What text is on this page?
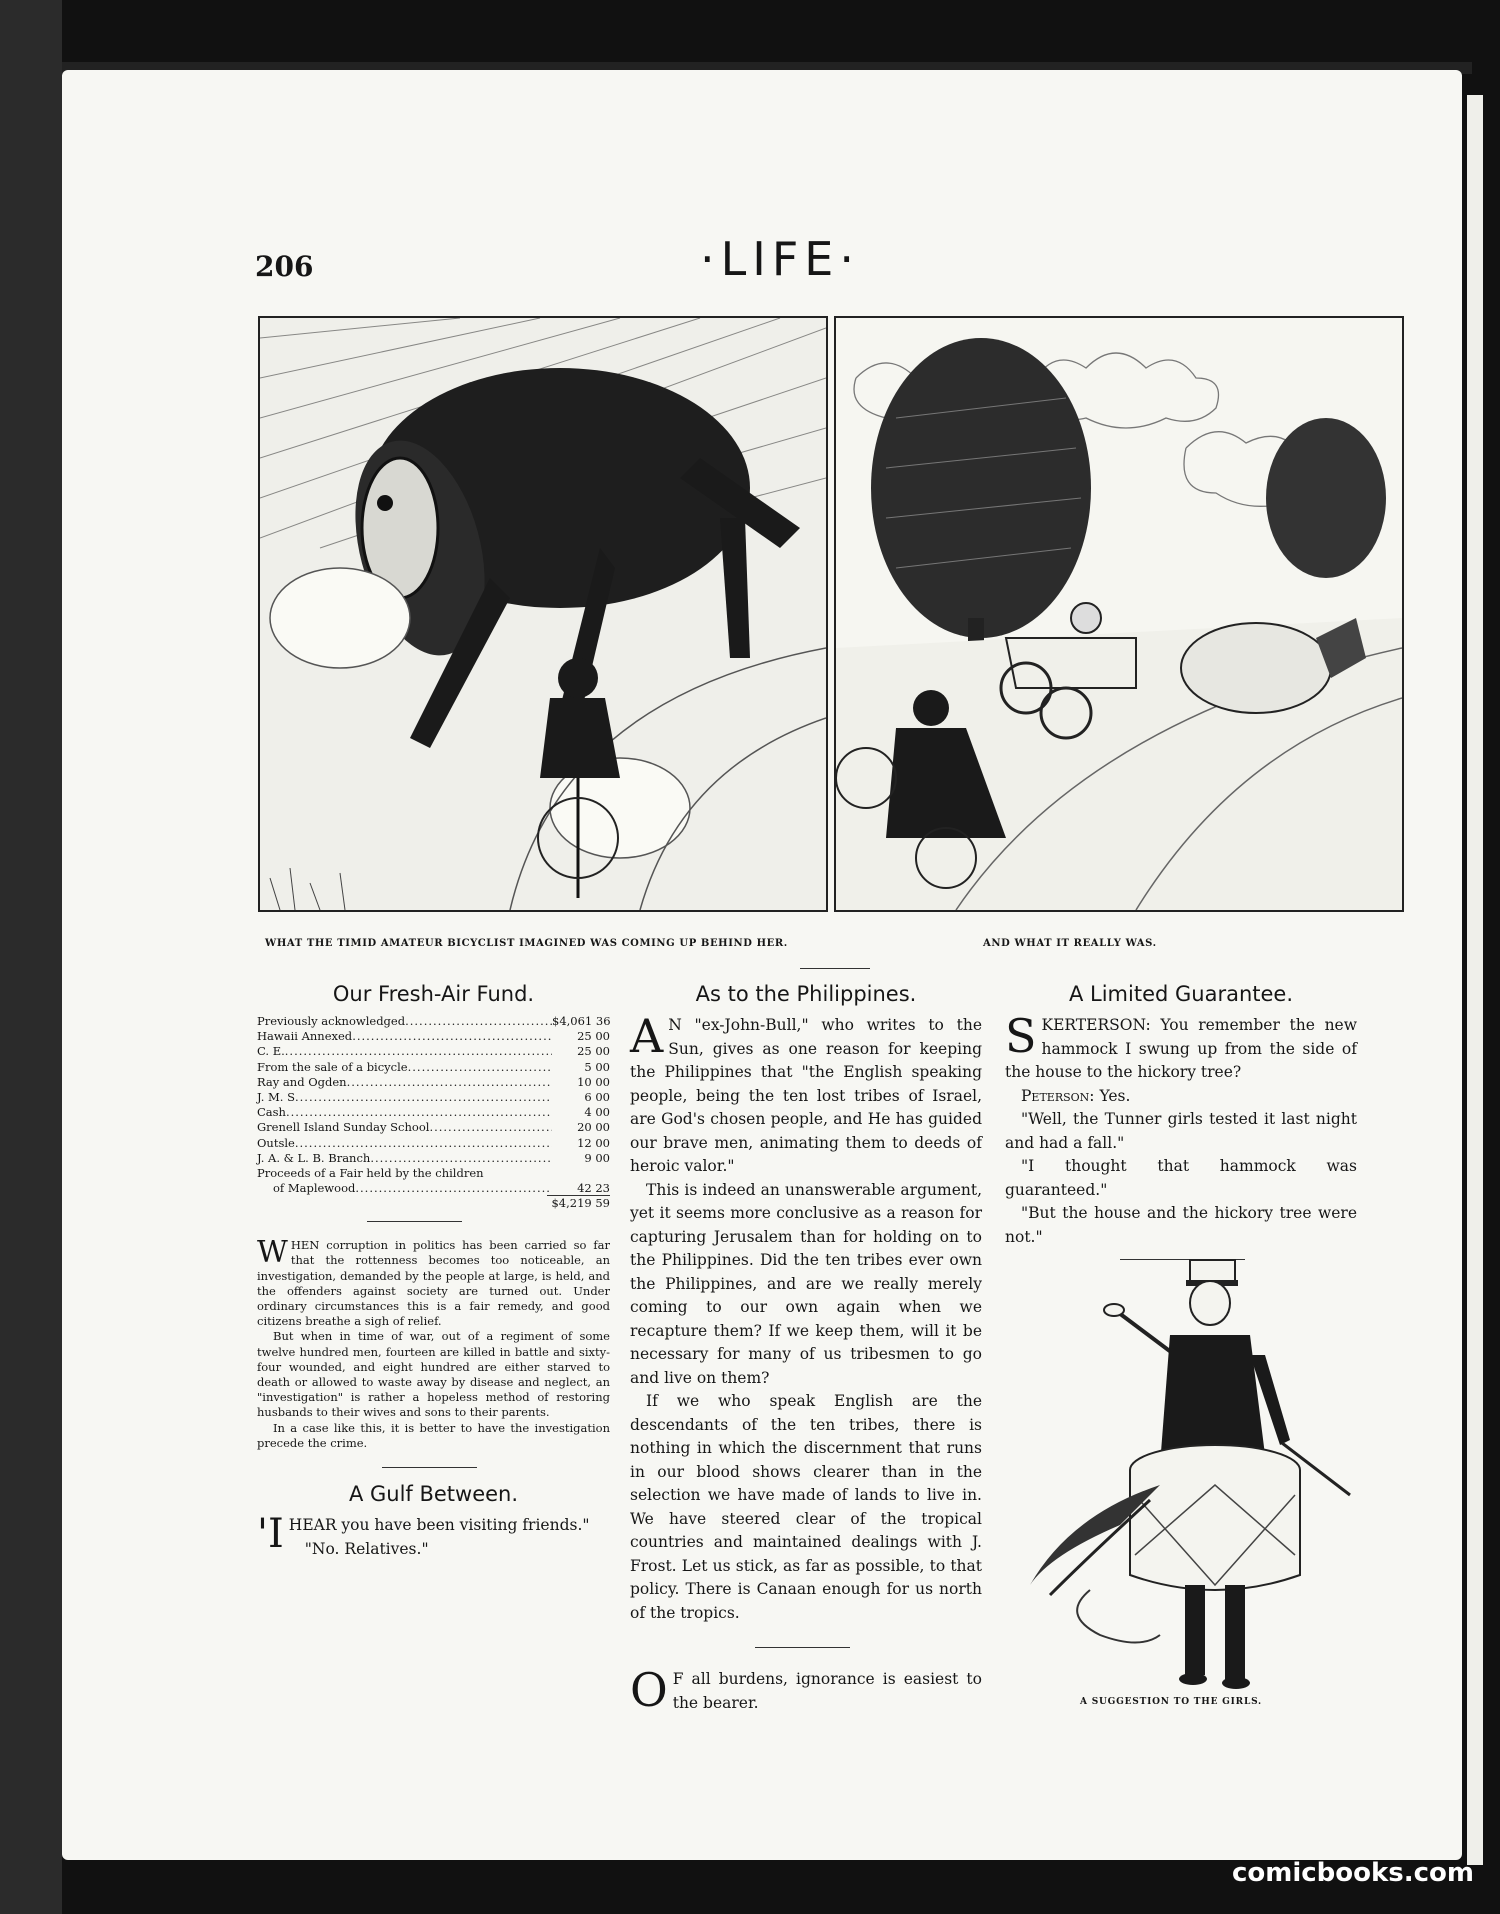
206	·LIFE·
WHAT THE TIMID AMATEUR BICYCLIST IMAGINED WAS COMING UP BEHIND HER.	AND WHAT IT REALLY WAS.
Our Fresh-Air Fund.
Previously acknowledged .....	$4,061 36
Hawaii Annexed .....	25 00
C. E. .....	25 00
From the sale of a bicycle .....	5 00
Ray and Ogden .....	10 00
J. M. S .....	6 00
Cash .....	4 00
Grenell Island Sunday School .....	20 00
Outsle .....	12 00
J. A. & L. B. Branch .....	9 00
Proceeds of a Fair held by the children
of Maplewood .....	42 23
$4,219 59

WHEN corruption in politics has been carried so far that the rottenness becomes too noticeable, an investigation, demanded by the people at large, is held, and the offenders against society are turned out. Under ordinary circumstances this is a fair remedy, and good citizens breathe a sigh of relief.

But when in time of war, out of a regiment of some twelve hundred men, fourteen are killed in battle and sixty-four wounded, and eight hundred are either starved to death or allowed to waste away by disease and neglect, an "investigation" is rather a hopeless method of restoring husbands to their wives and sons to their parents.

In a case like this, it is better to have the investigation precede the crime.

A Gulf Between.

'IHEAR you have been visiting friends."

"No. Relatives."

As to the Philippines.

A N "ex-John-Bull," who writes to the Sun, gives as one reason for keeping the Philippines that "the English speaking people, being the ten lost tribes of Israel, are God's chosen people, and He has guided our brave men, animating them to deeds of heroic valor."

This is indeed an unanswerable argument, yet it seems more conclusive as a reason for capturing Jerusalem than for holding on to the Philippines. Did the ten tribes ever own the Philippines, and are we really merely coming to our own again when we recapture them? If we keep them, will it be necessary for many of us tribesmen to go and live on them?

If we who speak English are the descendants of the ten tribes, there is nothing in which the discernment that runs in our blood shows clearer than in the selection we have made of lands to live in. We have steered clear of the tropical countries and maintained dealings with J. Frost. Let us stick, as far as possible, to that policy. There is Canaan enough for us north of the tropics.

O F all burdens, ignorance is easiest to the bearer.

A Limited Guarantee.

SKERTERSON: You remember the new hammock I swung up from the side of the house to the hickory tree?

Peterson: Yes.

"Well, the Tunner girls tested it last night and had a fall."

"I thought that hammock was guaranteed."

"But the house and the hickory tree were not."

A SUGGESTION TO THE GIRLS.
comicbooks.com
